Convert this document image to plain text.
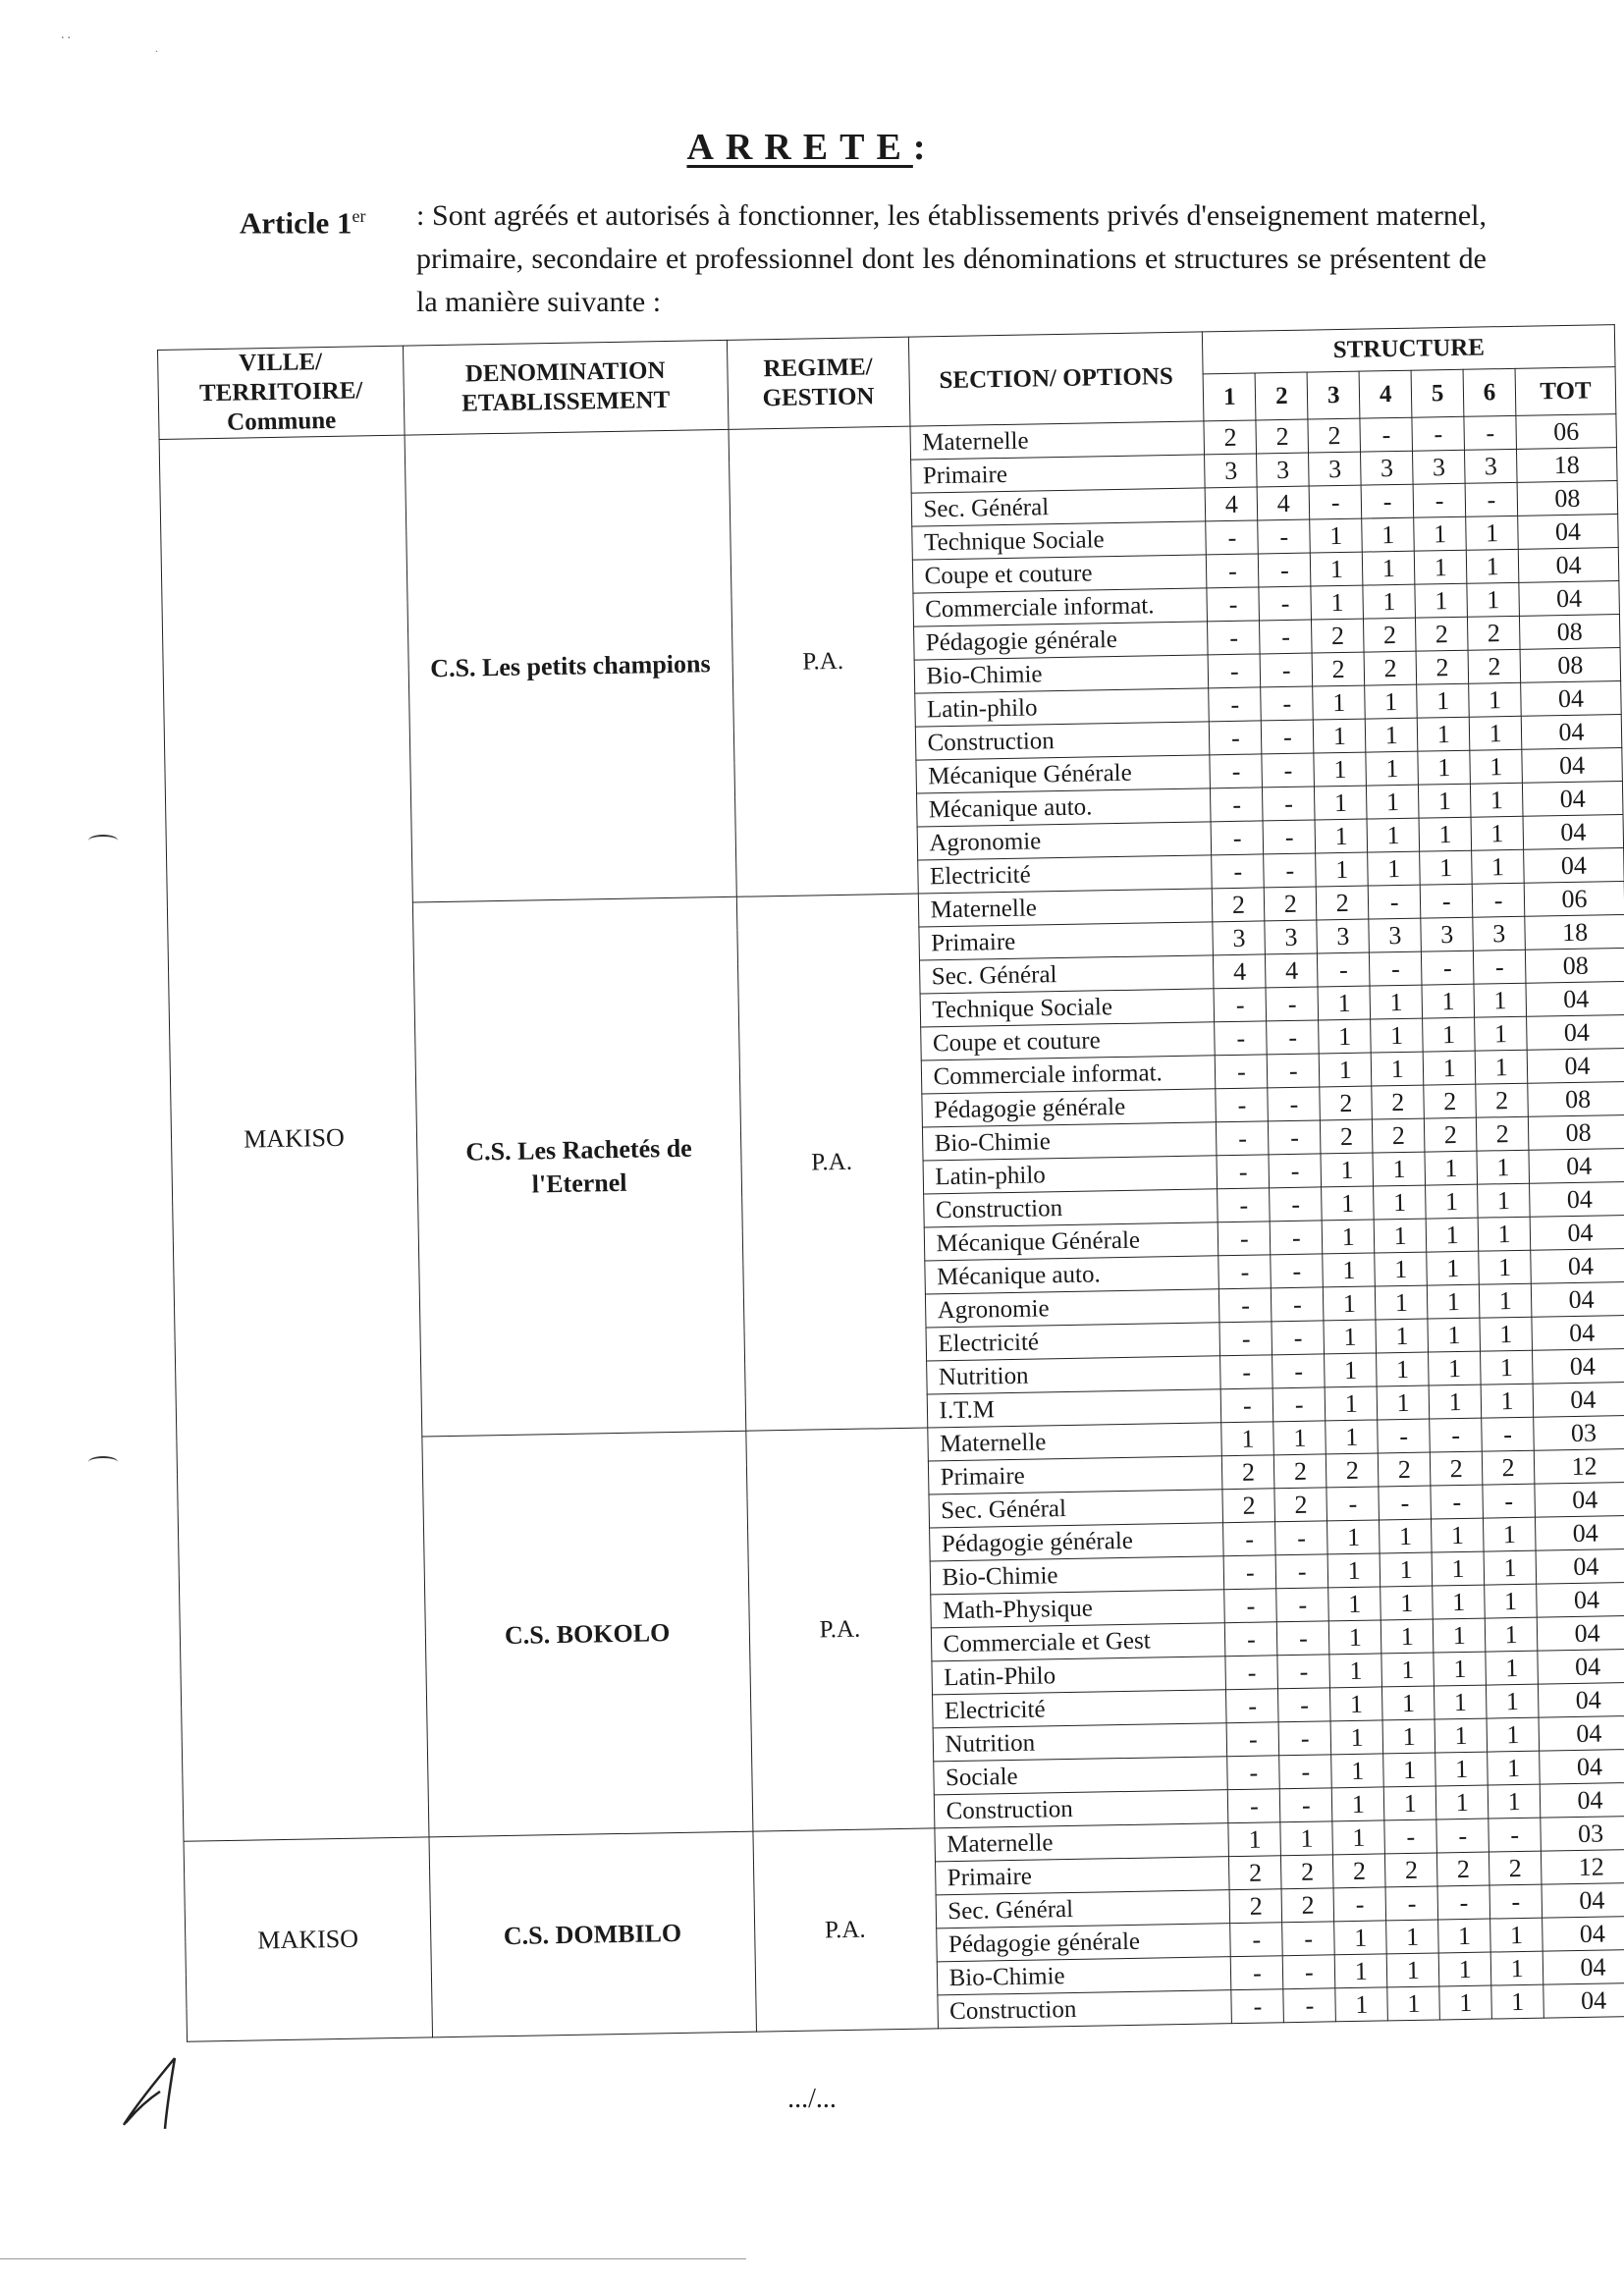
..
.
ARRETE:
Article 1er : Sont agréés et autorisés à fonctionner, les établissements privés d'enseignement maternel, primaire, secondaire et professionnel dont les dénominations et structures se présentent de la manière suivante :
VILLE/ TERRITOIRE/ Commune	DENOMINATION ETABLISSEMENT	REGIME/ GESTION	SECTION/ OPTIONS	STRUCTURE						
				1	2	3	4	5	6	TOT
MAKISO	C.S. Les petits champions	P.A.	Maternelle	2	2	2	-	-	-	06
			Primaire	3	3	3	3	3	3	18
			Sec. Général	4	4	-	-	-	-	08
			Technique Sociale	-	-	1	1	1	1	04
			Coupe et couture	-	-	1	1	1	1	04
			Commerciale informat.	-	-	1	1	1	1	04
			Pédagogie générale	-	-	2	2	2	2	08
			Bio-Chimie	-	-	2	2	2	2	08
			Latin-philo	-	-	1	1	1	1	04
			Construction	-	-	1	1	1	1	04
			Mécanique Générale	-	-	1	1	1	1	04
			Mécanique auto.	-	-	1	1	1	1	04
			Agronomie	-	-	1	1	1	1	04
			Electricité	-	-	1	1	1	1	04
	C.S. Les Rachetés de l'Eternel	P.A.	Maternelle	2	2	2	-	-	-	06
			Primaire	3	3	3	3	3	3	18
			Sec. Général	4	4	-	-	-	-	08
			Technique Sociale	-	-	1	1	1	1	04
			Coupe et couture	-	-	1	1	1	1	04
			Commerciale informat.	-	-	1	1	1	1	04
			Pédagogie générale	-	-	2	2	2	2	08
			Bio-Chimie	-	-	2	2	2	2	08
			Latin-philo	-	-	1	1	1	1	04
			Construction	-	-	1	1	1	1	04
			Mécanique Générale	-	-	1	1	1	1	04
			Mécanique auto.	-	-	1	1	1	1	04
			Agronomie	-	-	1	1	1	1	04
			Electricité	-	-	1	1	1	1	04
			Nutrition	-	-	1	1	1	1	04
			I.T.M	-	-	1	1	1	1	04
	C.S. BOKOLO	P.A.	Maternelle	1	1	1	-	-	-	03
			Primaire	2	2	2	2	2	2	12
			Sec. Général	2	2	-	-	-	-	04
			Pédagogie générale	-	-	1	1	1	1	04
			Bio-Chimie	-	-	1	1	1	1	04
			Math-Physique	-	-	1	1	1	1	04
			Commerciale et Gest	-	-	1	1	1	1	04
			Latin-Philo	-	-	1	1	1	1	04
			Electricité	-	-	1	1	1	1	04
			Nutrition	-	-	1	1	1	1	04
			Sociale	-	-	1	1	1	1	04
			Construction	-	-	1	1	1	1	04
MAKISO	C.S. DOMBILO	P.A.	Maternelle	1	1	1	-	-	-	03
			Primaire	2	2	2	2	2	2	12
			Sec. Général	2	2	-	-	-	-	04
			Pédagogie générale	-	-	1	1	1	1	04
			Bio-Chimie	-	-	1	1	1	1	04
			Construction	-	-	1	1	1	1	04
.../...
